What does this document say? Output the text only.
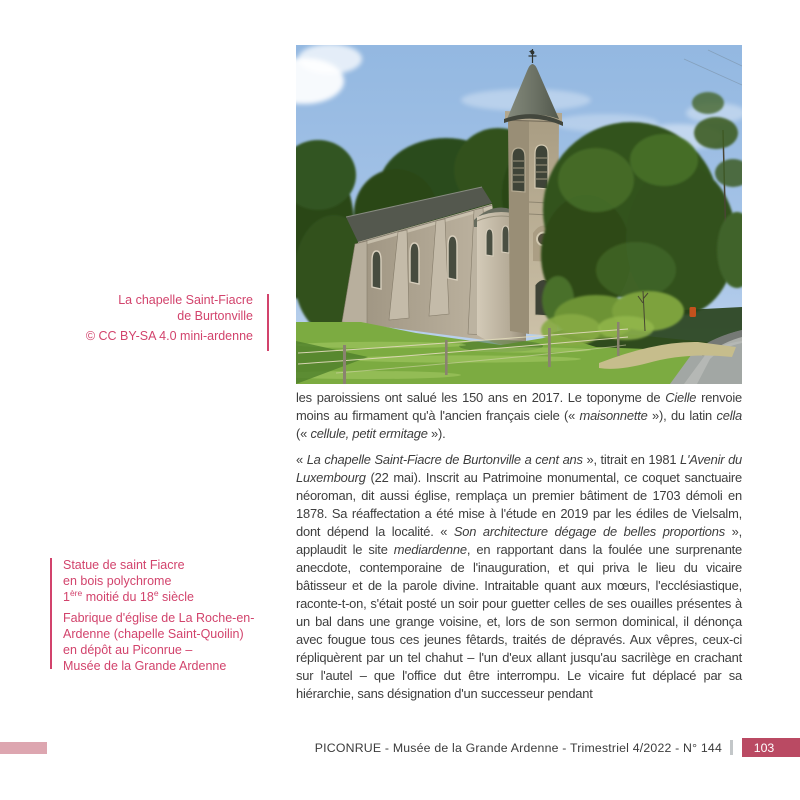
La chapelle Saint-Fiacre
de Burtonville
© CC BY-SA 4.0 mini-ardenne
Statue de saint Fiacre
en bois polychrome
1ère moitié du 18e siècle
Fabrique d'église de La Roche-en-
Ardenne (chapelle Saint-Quoilin)
en dépôt au Piconrue –
Musée de la Grande Ardenne

les paroissiens ont salué les 150 ans en 2017. Le toponyme de Cielle renvoie moins au firmament qu'à l'ancien français ciele (« maisonnette »), du latin cella (« cellule, petit ermitage »).

« La chapelle Saint-Fiacre de Burtonville a cent ans », titrait en 1981 L'Avenir du Luxembourg (22 mai). Inscrit au Patrimoine monumental, ce coquet sanctuaire néoroman, dit aussi église, remplaça un premier bâtiment de 1703 démoli en 1878. Sa réaffectation a été mise à l'étude en 2019 par les édiles de Vielsalm, dont dépend la localité. « Son architecture dégage de belles proportions », applaudit le site mediardenne, en rapportant dans la foulée une surprenante anecdote, contemporaine de l'inauguration, et qui priva le lieu du vicaire bâtisseur et de la parole divine. Intraitable quant aux mœurs, l'ecclésiastique, raconte-t-on, s'était posté un soir pour guetter celles de ses ouailles présentes à un bal dans une grange voisine, et, lors de son sermon dominical, il dénonça avec fougue tous ces jeunes fêtards, traités de dépravés. Aux vêpres, ceux-ci répliquèrent par un tel chahut – l'un d'eux allant jusqu'au sacrilège en crachant sur l'autel – que l'office dut être interrompu. Le vicaire fut déplacé par sa hiérarchie, sans désignation d'un successeur pendant

PICONRUE - Musée de la Grande Ardenne - Trimestriel 4/2022 - N° 144	103
